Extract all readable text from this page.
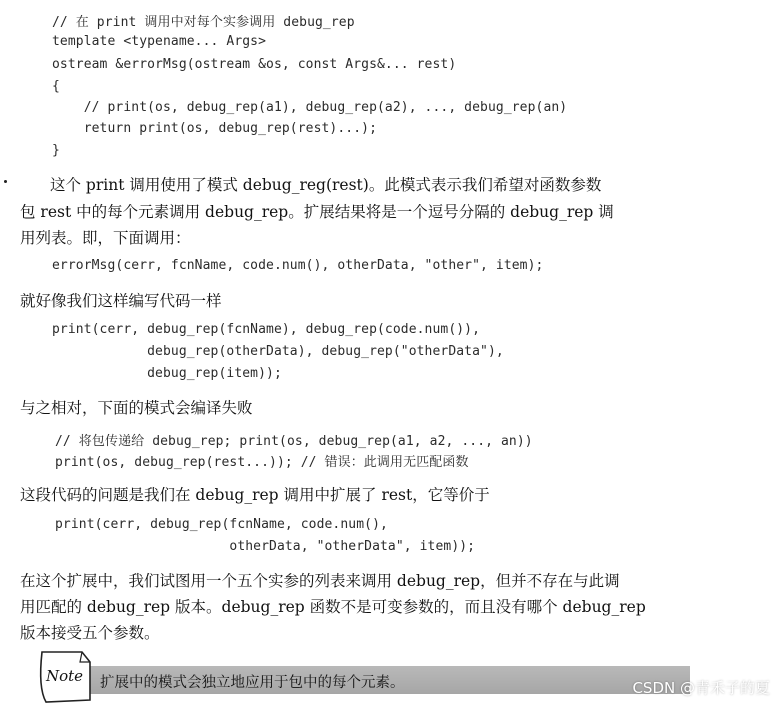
// 在 print 调用中对每个实参调用 debug_rep
template <typename... Args>
ostream &errorMsg(ostream &os, const Args&... rest)
{
// print(os, debug_rep(a1), debug_rep(a2), ..., debug_rep(an)
return print(os, debug_rep(rest)...);
}
这个 print 调用使用了模式 debug_reg(rest)。此模式表示我们希望对函数参数
包 rest 中的每个元素调用 debug_rep。扩展结果将是一个逗号分隔的 debug_rep 调
用列表。即，下面调用：
errorMsg(cerr, fcnName, code.num(), otherData, "other", item);
就好像我们这样编写代码一样
print(cerr, debug_rep(fcnName), debug_rep(code.num()),
debug_rep(otherData), debug_rep("otherData"),
debug_rep(item));
与之相对，下面的模式会编译失败
// 将包传递给 debug_rep; print(os, debug_rep(a1, a2, ..., an))
print(os, debug_rep(rest...)); // 错误：此调用无匹配函数
这段代码的问题是我们在 debug_rep 调用中扩展了 rest，它等价于
print(cerr, debug_rep(fcnName, code.num(),
otherData, "otherData", item));
在这个扩展中，我们试图用一个五个实参的列表来调用 debug_rep，但并不存在与此调
用匹配的 debug_rep 版本。debug_rep 函数不是可变参数的，而且没有哪个 debug_rep
版本接受五个参数。
Note 扩展中的模式会独立地应用于包中的每个元素。	CSDN @青禾子的夏
